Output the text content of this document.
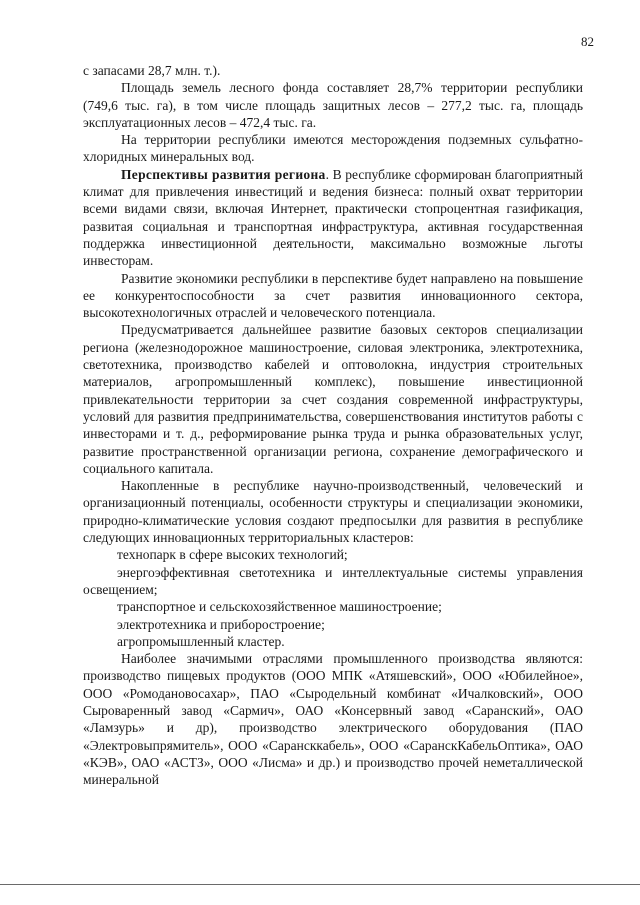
82

с запасами 28,7 млн. т.).

Площадь земель лесного фонда составляет 28,7% территории республики (749,6 тыс. га), в том числе площадь защитных лесов – 277,2 тыс. га, площадь эксплуатационных лесов – 472,4 тыс. га.

На территории республики имеются месторождения подземных сульфатно-хлоридных минеральных вод.

Перспективы развития региона. В республике сформирован благоприятный климат для привлечения инвестиций и ведения бизнеса: полный охват территории всеми видами связи, включая Интернет, практически стопроцентная газификация, развитая социальная и транспортная инфраструктура, активная государственная поддержка инвестиционной деятельности, максимально возможные льготы инвесторам.

Развитие экономики республики в перспективе будет направлено на повышение ее конкурентоспособности за счет развития инновационного сектора, высокотехнологичных отраслей и человеческого потенциала.

Предусматривается дальнейшее развитие базовых секторов специализации региона (железнодорожное машиностроение, силовая электроника, электротехника, светотехника, производство кабелей и оптоволокна, индустрия строительных материалов, агропромышленный комплекс), повышение инвестиционной привлекательности территории за счет создания современной инфраструктуры, условий для развития предпринимательства, совершенствования институтов работы с инвесторами и т. д., реформирование рынка труда и рынка образовательных услуг, развитие пространственной организации региона, сохранение демографического и социального капитала.

Накопленные в республике научно-производственный, человеческий и организационный потенциалы, особенности структуры и специализации экономики, природно-климатические условия создают предпосылки для развития в республике следующих инновационных территориальных кластеров:

технопарк в сфере высоких технологий;

энергоэффективная светотехника и интеллектуальные системы управления освещением;

транспортное и сельскохозяйственное машиностроение;

электротехника и приборостроение;

агропромышленный кластер.

Наиболее значимыми отраслями промышленного производства являются: производство пищевых продуктов (ООО МПК «Атяшевский», ООО «Юбилейное», ООО «Ромодановосахар», ПАО «Сыродельный комбинат «Ичалковский», ООО Сыроваренный завод «Сармич», ОАО «Консервный завод «Саранский», ОАО «Ламзурь» и др), производство электрического оборудования (ПАО «Электровыпрямитель», ООО «Сарансккабель», ООО «СаранскКабельОптика», ОАО «КЭВ», ОАО «АСТЗ», ООО «Лисма» и др.) и производство прочей неметаллической минеральной
